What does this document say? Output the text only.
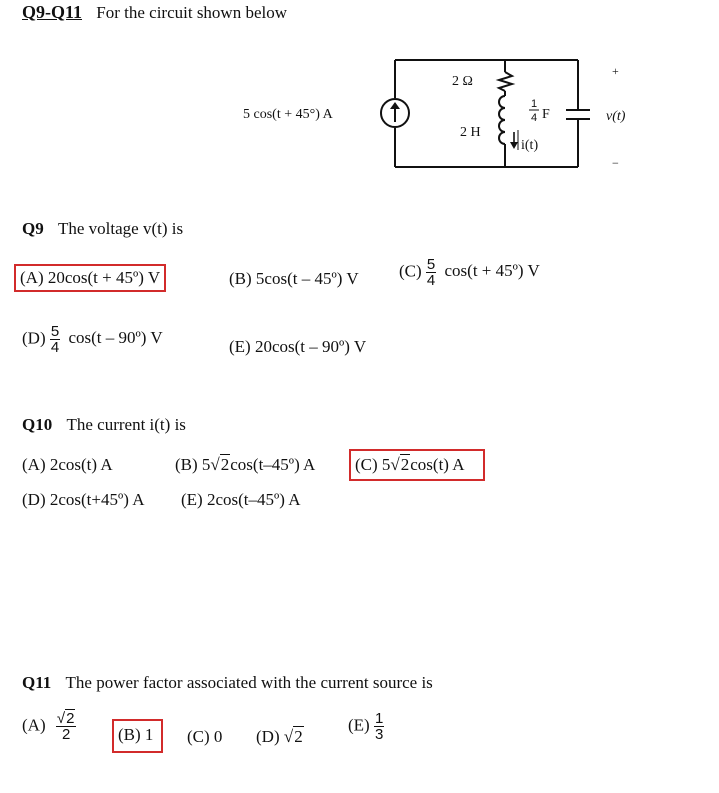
Q9-Q11 For the circuit shown below
5 cos(t + 45°) A
2 Ω
2 H
1
4 F
i(t)
+
v(t)
−
Q9 The voltage v(t) is
(A) 20cos(t + 45º) V	(B) 5cos(t – 45º) V $(C) \frac{5}{4} \cos(t$ + 45º) V
$(D) \frac{5}{4} \cos(t$ – 90º) V	(E) 20cos(t – 90º) V
Q10 The current i(t) is
(A) 2cos(t) A	(B) 5√2cos(t–45º) A	(C) 5√2cos(t) A
(D) 2cos(t+45º) A (E) 2cos(t–45º) A
Q11 The power factor associated with the current source is
$(A) \frac{√2}{2}$	(B) 1	(C) 0 (D) √2
$(E) \frac{1}{3}$
